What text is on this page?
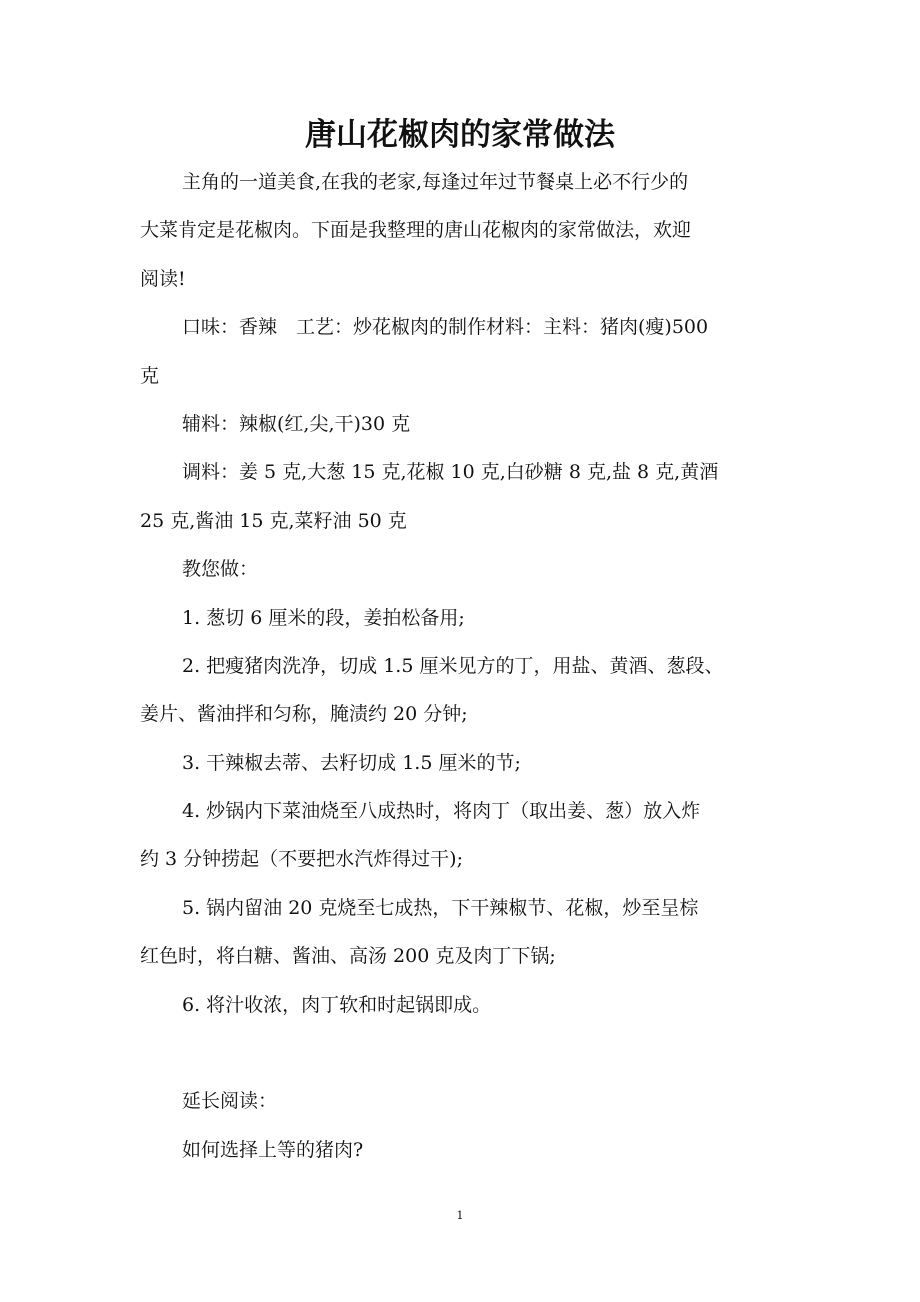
唐山花椒肉的家常做法
主角的一道美食,在我的老家,每逢过年过节餐桌上必不行少的
大菜肯定是花椒肉。下面是我整理的唐山花椒肉的家常做法，欢迎
阅读!
口味：香辣　工艺：炒花椒肉的制作材料：主料：猪肉(瘦)500
克
辅料：辣椒(红,尖,干)30 克
调料：姜 5 克,大葱 15 克,花椒 10 克,白砂糖 8 克,盐 8 克,黄酒
25 克,酱油 15 克,菜籽油 50 克
教您做：
1. 葱切 6 厘米的段，姜拍松备用;
2. 把瘦猪肉洗净，切成 1.5 厘米见方的丁，用盐、黄酒、葱段、
姜片、酱油拌和匀称，腌渍约 20 分钟;
3. 干辣椒去蒂、去籽切成 1.5 厘米的节;
4. 炒锅内下菜油烧至八成热时，将肉丁（取出姜、葱）放入炸
约 3 分钟捞起（不要把水汽炸得过干);
5. 锅内留油 20 克烧至七成热，下干辣椒节、花椒，炒至呈棕
红色时，将白糖、酱油、高汤 200 克及肉丁下锅;
6. 将汁收浓，肉丁软和时起锅即成。
延长阅读：
如何选择上等的猪肉?
1
